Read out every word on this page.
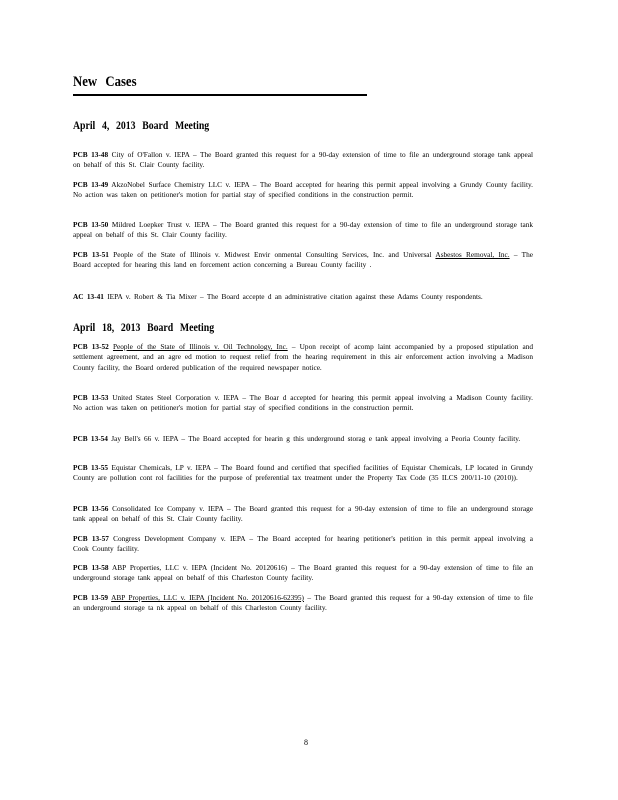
New Cases
April 4, 2013 Board Meeting
April 18, 2013 Board Meeting
PCB 13-48 City of O'Fallon v. IEPA – The Board granted this request for a 90-day extension of time to file an underground storage tank appeal on behalf of this St. Clair County facility.
PCB 13-49 AkzoNobel Surface Chemistry LLC v. IEPA – The Board accepted for hearing this permit appeal involving a Grundy County facility. No action was taken on petitioner's motion for partial stay of specified conditions in the construction permit.
PCB 13-50 Mildred Loepker Trust v. IEPA – The Board granted this request for a 90-day extension of time to file an underground storage tank appeal on behalf of this St. Clair County facility.
PCB 13-51 People of the State of Illinois v. Midwest Envir onmental Consulting Services, Inc. and Universal Asbestos Removal, Inc. – The Board accepted for hearing this land en forcement action concerning a Bureau County facility .
AC 13-41 IEPA v. Robert & Tia Mixer – The Board accepte d an administrative citation against these Adams County respondents.
PCB 13-52 People of the State of Illinois v. Oil Technology, Inc. – Upon receipt of acomp laint accompanied by a proposed stipulation and settlement agreement, and an agre ed motion to request relief from the hearing requirement in this air enforcement action involving a Madison County facility, the Board ordered publication of the required newspaper notice.
PCB 13-53 United States Steel Corporation v. IEPA – The Boar d accepted for hearing this permit appeal involving a Madison County facility. No action was taken on petitioner's motion for partial stay of specified conditions in the construction permit.
PCB 13-54 Jay Bell's 66 v. IEPA – The Board accepted for hearin g this underground storag e tank appeal involving a Peoria County facility.
PCB 13-55 Equistar Chemicals, LP v. IEPA – The Board found and certified that specified facilities of Equistar Chemicals, LP located in Grundy County are pollution cont rol facilities for the purpose of preferential tax treatment under the Property Tax Code (35 ILCS 200/11-10 (2010)).
PCB 13-56 Consolidated Ice Company v. IEPA – The Board granted this request for a 90-day extension of time to file an underground storage tank appeal on behalf of this St. Clair County facility.
PCB 13-57 Congress Development Company v. IEPA – The Board accepted for hearing petitioner's petition in this permit appeal involving a Cook County facility.
PCB 13-58 ABP Properties, LLC v. IEPA (Incident No. 20120616) – The Board granted this request for a 90-day extension of time to file an underground storage tank appeal on behalf of this Charleston County facility.
PCB 13-59 ABP Properties, LLC v. IEPA (Incident No. 20120616-62395) – The Board granted this request for a 90-day extension of time to file an underground storage ta nk appeal on behalf of this Charleston County facility.
8
